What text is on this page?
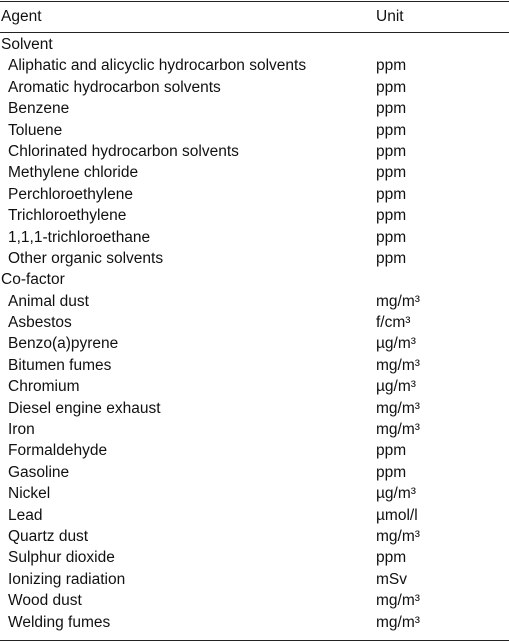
Agent	Unit
Solvent
Aliphatic and alicyclic hydrocarbon solvents	ppm
Aromatic hydrocarbon solvents	ppm
Benzene	ppm
Toluene	ppm
Chlorinated hydrocarbon solvents	ppm
Methylene chloride	ppm
Perchloroethylene	ppm
Trichloroethylene	ppm
1,1,1-trichloroethane	ppm
Other organic solvents	ppm
Co-factor
Animal dust	mg/m³
Asbestos	f/cm³
Benzo(a)pyrene	µg/m³
Bitumen fumes	mg/m³
Chromium	µg/m³
Diesel engine exhaust	mg/m³
Iron	mg/m³
Formaldehyde	ppm
Gasoline	ppm
Nickel	µg/m³
Lead	µmol/l
Quartz dust	mg/m³
Sulphur dioxide	ppm
Ionizing radiation	mSv
Wood dust	mg/m³
Welding fumes	mg/m³
